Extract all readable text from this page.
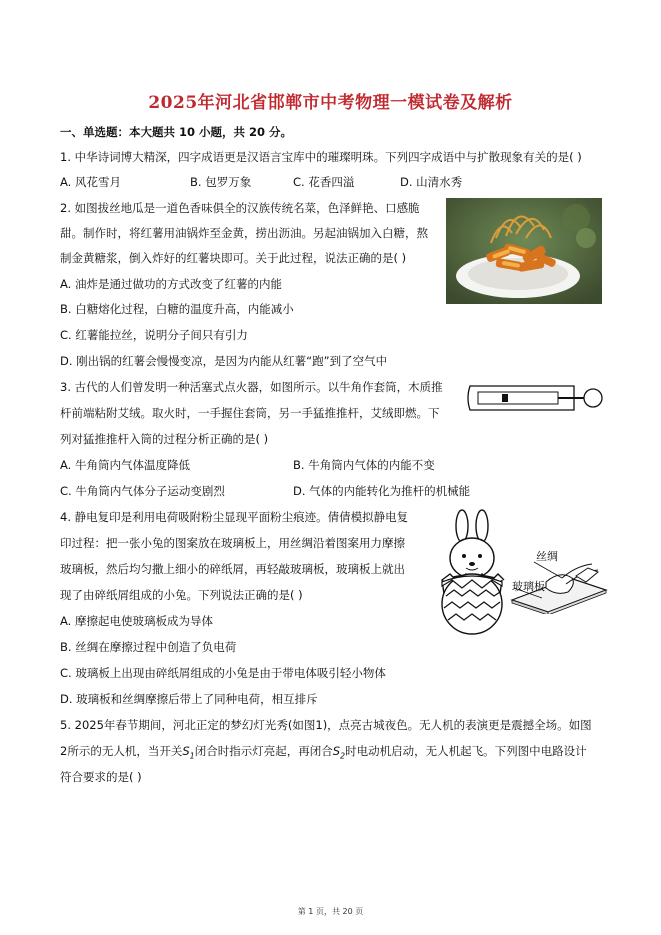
2025年河北省邯郸市中考物理一模试卷及解析
一、单选题：本大题共 10 小题，共 20 分。
1. 中华诗词博大精深，四字成语更是汉语言宝库中的璀璨明珠。下列四字成语中与扩散现象有关的是( )
A. 风花雪月	B. 包罗万象	C. 花香四溢	D. 山清水秀
2. 如图拔丝地瓜是一道色香味俱全的汉族传统名菜，色泽鲜艳、口感脆
甜。制作时，将红薯用油锅炸至金黄，捞出沥油。另起油锅加入白糖，熬
制金黄糖浆，倒入炸好的红薯块即可。关于此过程，说法正确的是( )
A. 油炸是通过做功的方式改变了红薯的内能
B. 白糖熔化过程，白糖的温度升高，内能减小
C. 红薯能拉丝，说明分子间只有引力
D. 刚出锅的红薯会慢慢变凉，是因为内能从红薯“跑”到了空气中
3. 古代的人们曾发明一种活塞式点火器，如图所示。以牛角作套筒，木质推
杆前端粘附艾绒。取火时，一手握住套筒，另一手猛推推杆，艾绒即燃。下
列对猛推推杆入筒的过程分析正确的是( )
A. 牛角筒内气体温度降低	B. 牛角筒内气体的内能不变
C. 牛角筒内气体分子运动变剧烈	D. 气体的内能转化为推杆的机械能
4. 静电复印是利用电荷吸附粉尘显现平面粉尘痕迹。倩倩模拟静电复
印过程：把一张小兔的图案放在玻璃板上，用丝绸沿着图案用力摩擦
玻璃板，然后均匀撒上细小的碎纸屑，再轻敲玻璃板，玻璃板上就出
现了由碎纸屑组成的小兔。下列说法正确的是( )
A. 摩擦起电使玻璃板成为导体
B. 丝绸在摩擦过程中创造了负电荷
C. 玻璃板上出现由碎纸屑组成的小兔是由于带电体吸引轻小物体
D. 玻璃板和丝绸摩擦后带上了同种电荷，相互排斥
丝绸
玻璃板
5. 2025年春节期间，河北正定的梦幻灯光秀(如图1)，点亮古城夜色。无人机的表演更是震撼全场。如图
2所示的无人机，当开关$S_1$闭合时指示灯亮起，再闭合$S_2$时电动机启动，无人机起飞。下列图中电路设计
符合要求的是( )
第 1 页，共 20 页
